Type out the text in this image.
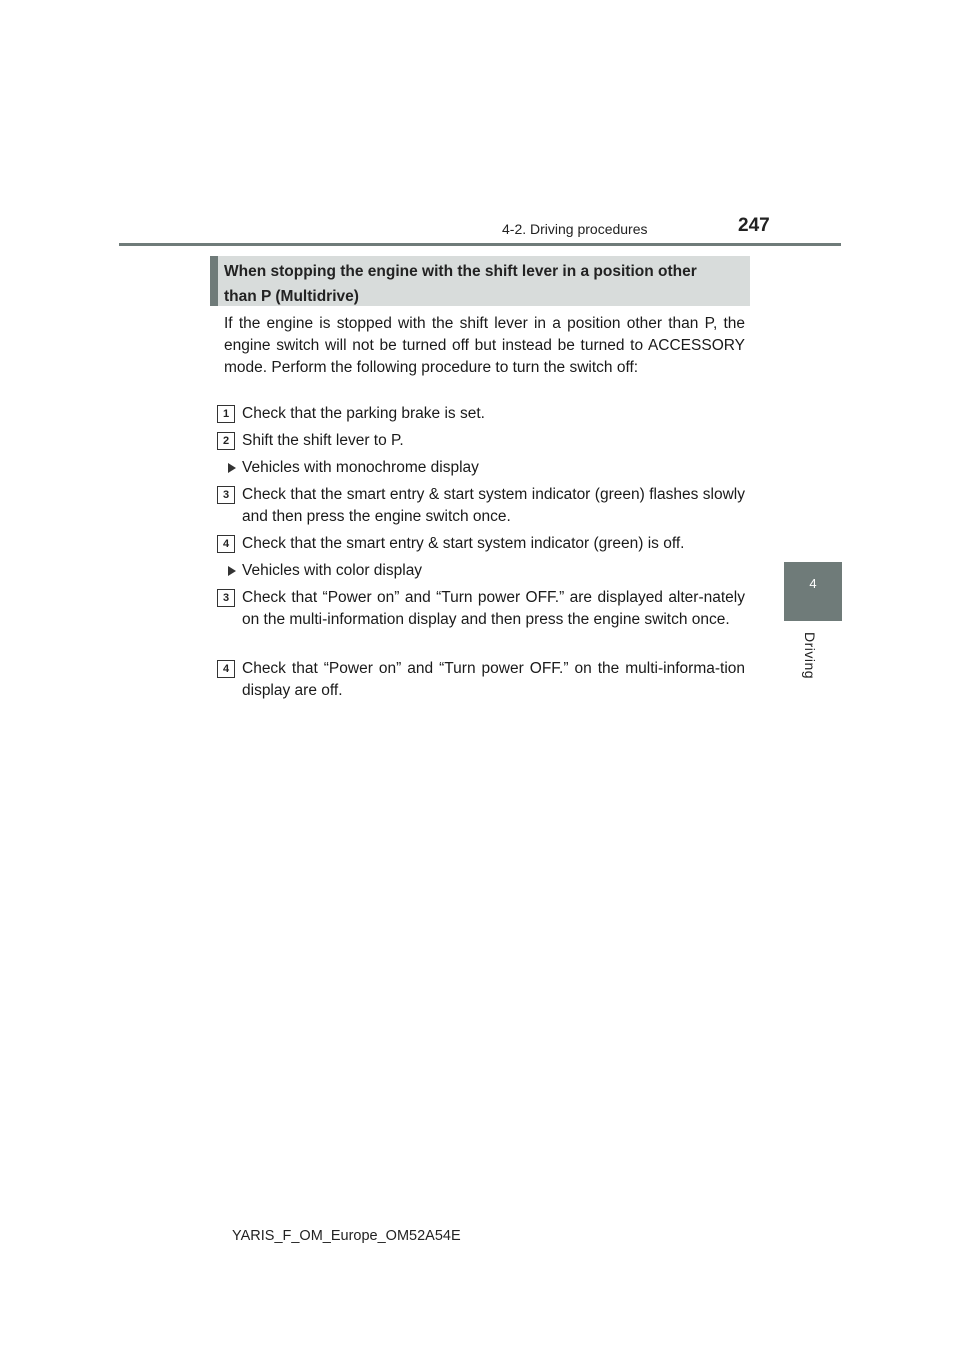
4-2. Driving procedures	247
4
Driving
When stopping the engine with the shift lever in a position other
than P (Multidrive)
If the engine is stopped with the shift lever in a position other than P, the engine switch will not be turned off but instead be turned to ACCESSORY mode. Perform the following procedure to turn the switch off:
1 Check that the parking brake is set.
2 Shift the shift lever to P.
Vehicles with monochrome display
3 Check that the smart entry & start system indicator (green) flashes slowly and then press the engine switch once.
4 Check that the smart entry & start system indicator (green) is off.
Vehicles with color display
3 Check that “Power on” and “Turn power OFF.” are displayed alter-nately on the multi-information display and then press the engine switch once.
4 Check that “Power on” and “Turn power OFF.” on the multi-informa-tion display are off.
YARIS_F_OM_Europe_OM52A54E
